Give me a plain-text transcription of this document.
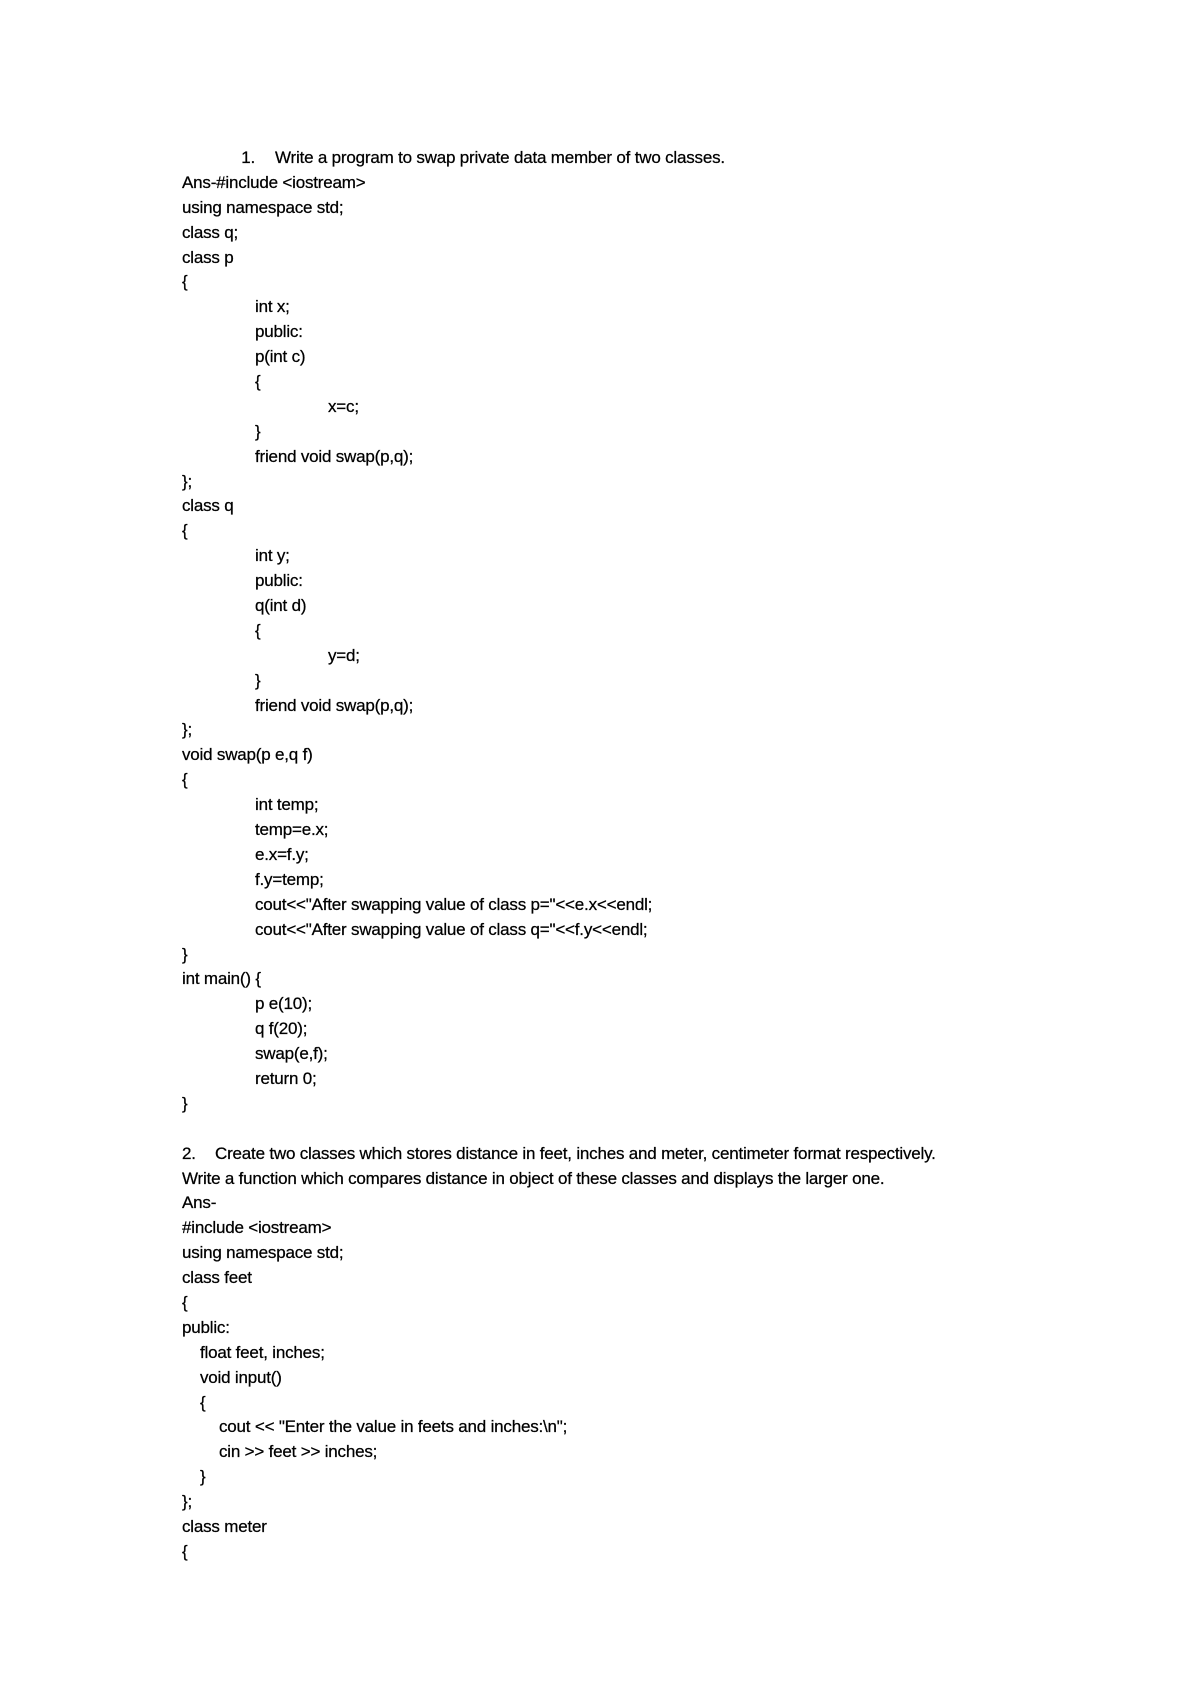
1. Write a program to swap private data member of two classes.
Ans-#include <iostream>
using namespace std;
class q;
class p
{
int x;
public:
p(int c)
{
x=c;
}
friend void swap(p,q);
};
class q
{
int y;
public:
q(int d)
{
y=d;
}
friend void swap(p,q);
};
void swap(p e,q f)
{
int temp;
temp=e.x;
e.x=f.y;
f.y=temp;
cout<<"After swapping value of class p="<<e.x<<endl;
cout<<"After swapping value of class q="<<f.y<<endl;
}
int main() {
p e(10);
q f(20);
swap(e,f);
return 0;
}
2. Create two classes which stores distance in feet, inches and meter, centimeter format respectively.
Write a function which compares distance in object of these classes and displays the larger one.
Ans-
#include <iostream>
using namespace std;
class feet
{
public:
float feet, inches;
void input()
{
cout << "Enter the value in feets and inches:\n";
cin >> feet >> inches;
}
};
class meter
{
